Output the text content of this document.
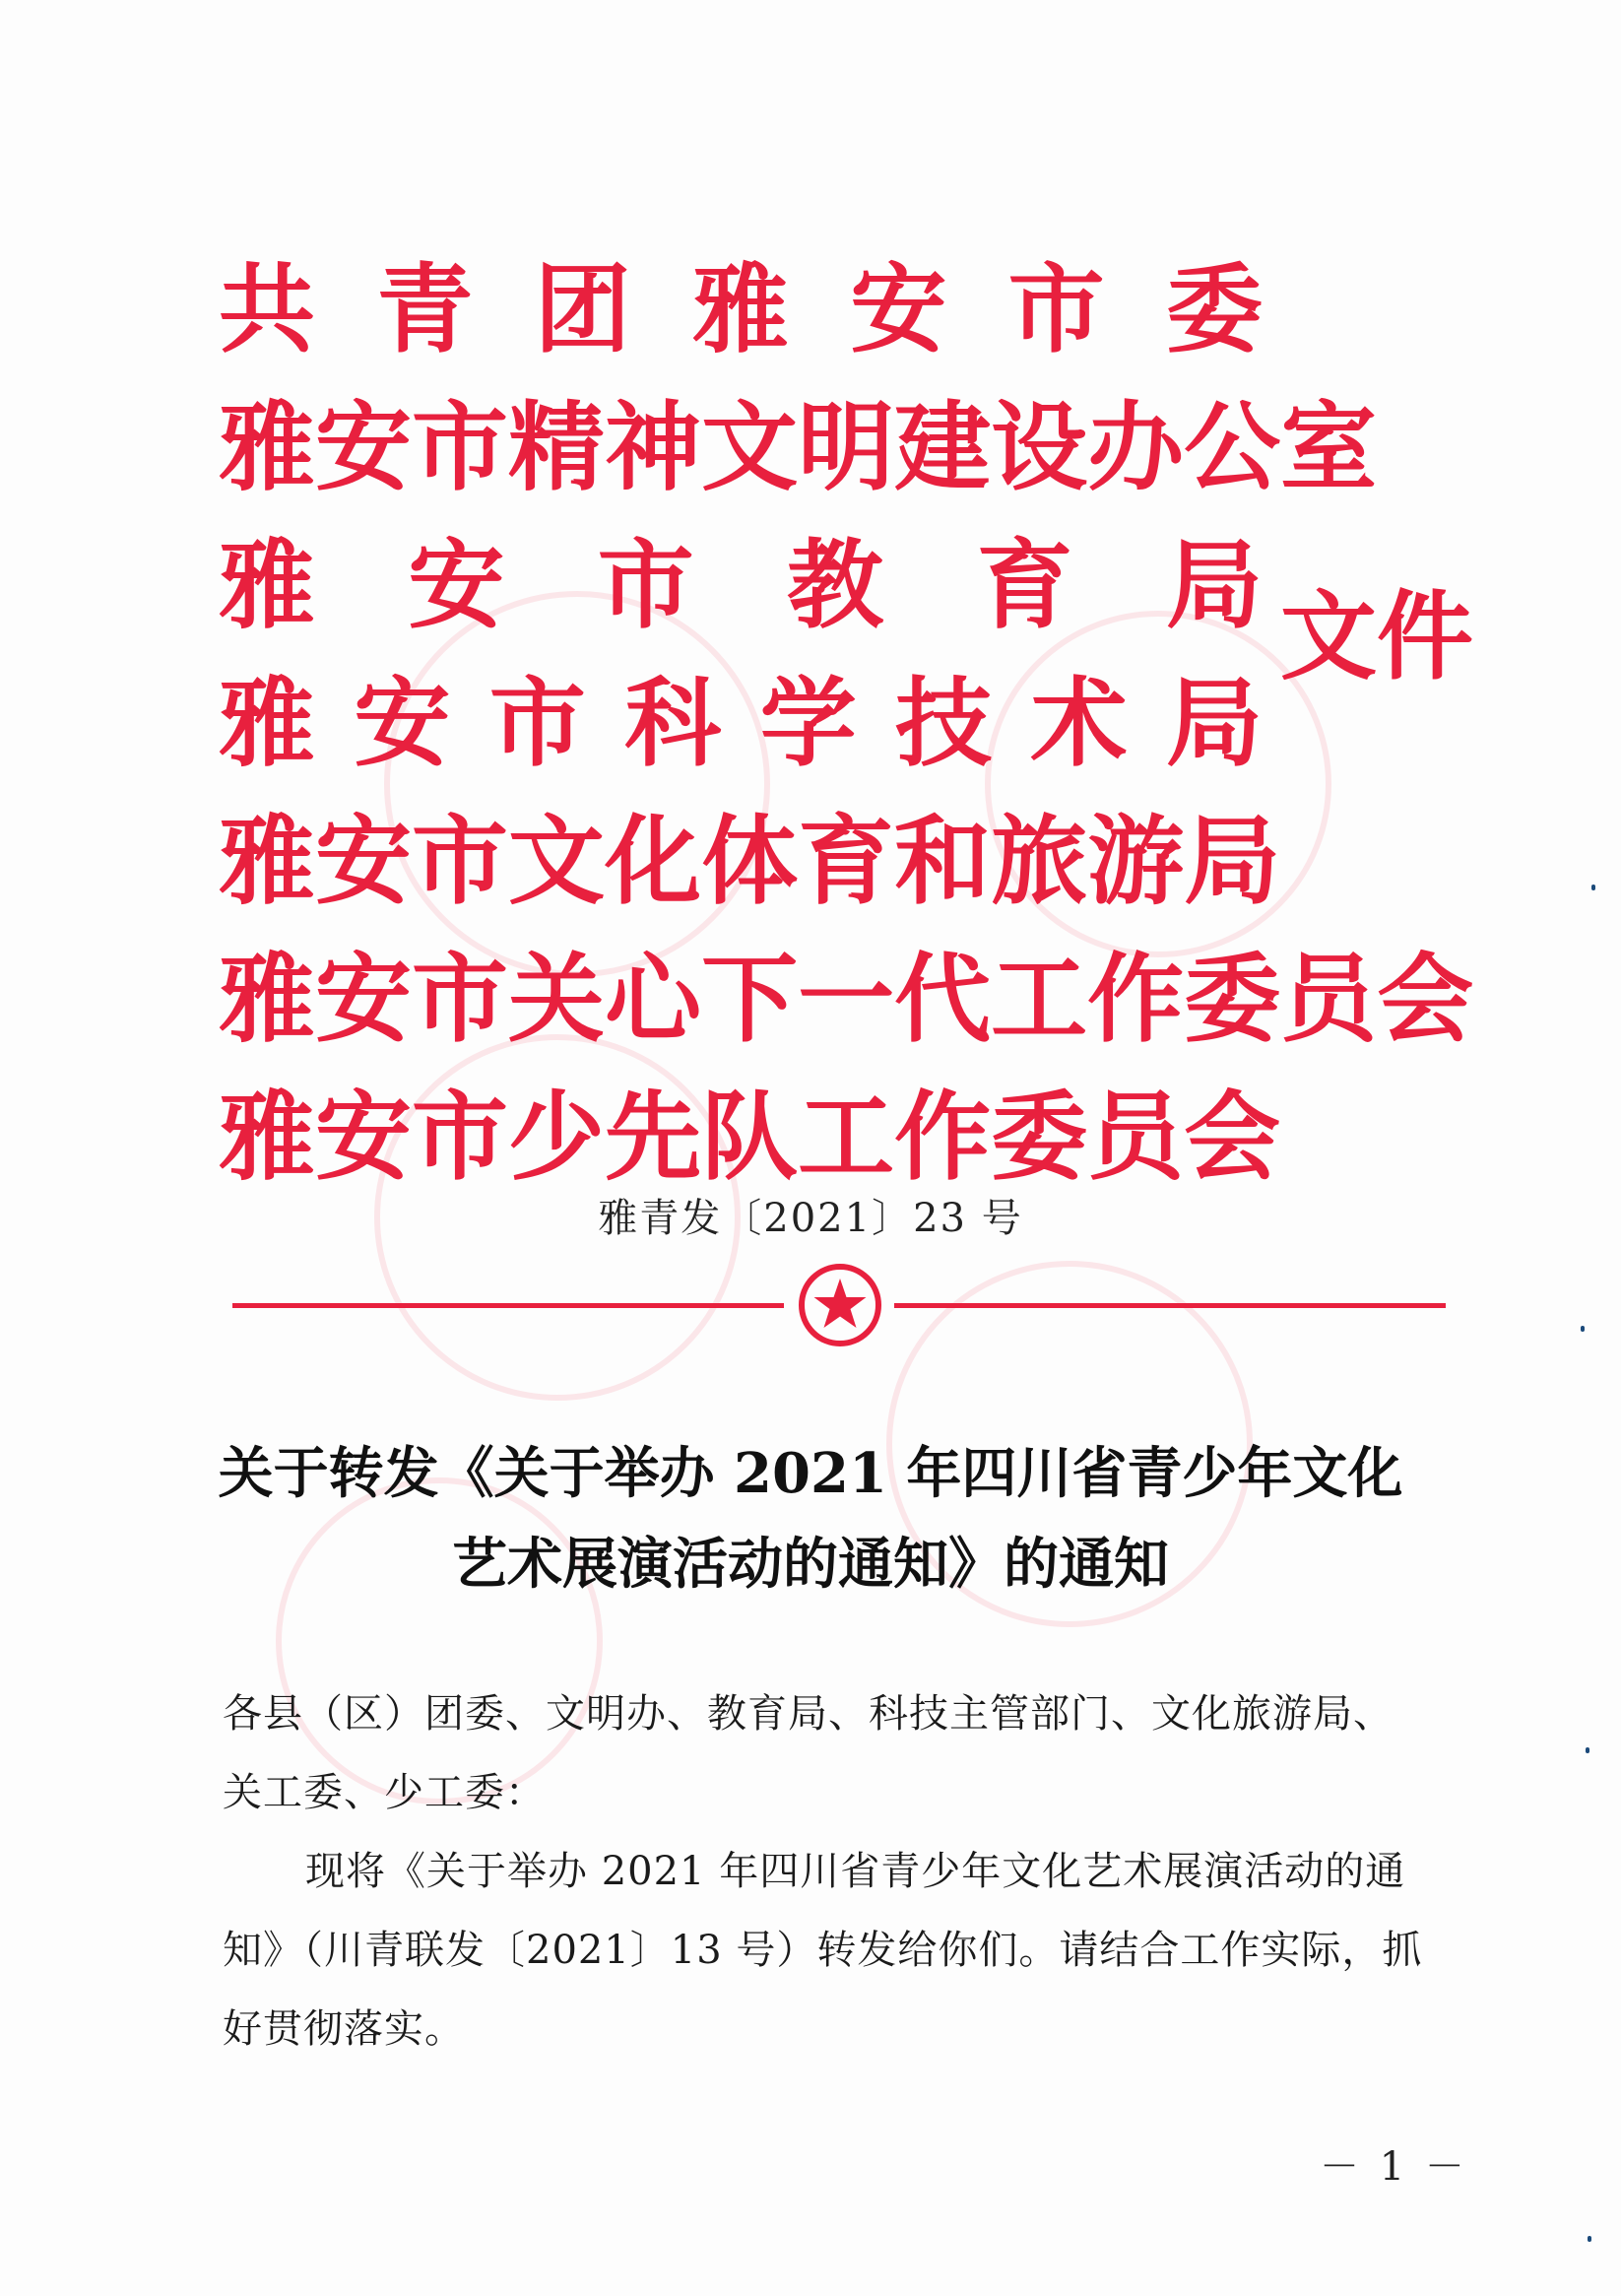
共 青 团 雅 安 市 委
雅 安 市 精 神 文 明 建 设 办 公 室
雅 安 市 教 育 局
雅 安 市 科 学 技 术 局
雅 安 市 文 化 体 育 和 旅 游 局
雅 安 市 关 心 下 一 代 工 作 委 员 会
雅 安 市 少 先 队 工 作 委 员 会
文件
雅青发〔2021〕23 号
关于转发《关于举办 2021 年四川省青少年文化
艺术展演活动的通知》的通知

各县（区）团委、文明办、教育局、科技主管部门、文化旅游局、

关工委、少工委：

现将《关于举办 2021 年四川省青少年文化艺术展演活动的通知》（川青联发〔2021〕13 号）转发给你们。请结合工作实际，抓好贯彻落实。

－ 1 －
